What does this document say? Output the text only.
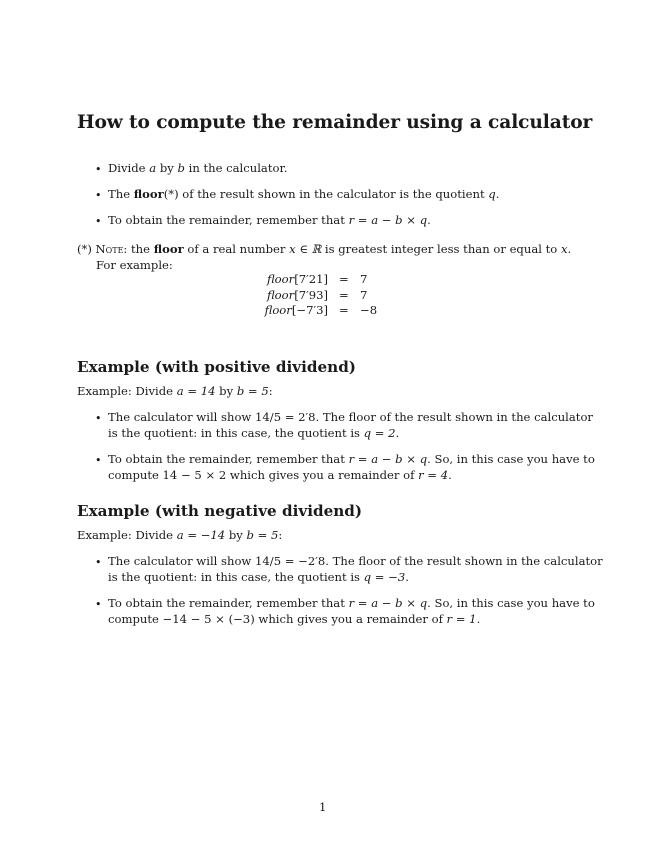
How to compute the remainder using a calculator
• Divide a by b in the calculator.
• The floor(*) of the result shown in the calculator is the quotient q.
• To obtain the remainder, remember that r = a − b × q.
(*) Note: the floor of a real number x ∈ ℝ is greatest integer less than or equal to x.
For example:
floor[7′21] = 7
floor[7′93] = 7
floor[−7′3] = −8
Example (with positive dividend)
Example: Divide a = 14 by b = 5:
• The calculator will show 14/5 = 2′8. The floor of the result shown in the calculator
is the quotient: in this case, the quotient is q = 2.
• To obtain the remainder, remember that r = a − b × q. So, in this case you have to
compute 14 − 5 × 2 which gives you a remainder of r = 4.
Example (with negative dividend)
Example: Divide a = −14 by b = 5:
• The calculator will show 14/5 = −2′8. The floor of the result shown in the calculator
is the quotient: in this case, the quotient is q = −3.
• To obtain the remainder, remember that r = a − b × q. So, in this case you have to
compute −14 − 5 × (−3) which gives you a remainder of r = 1.
1
